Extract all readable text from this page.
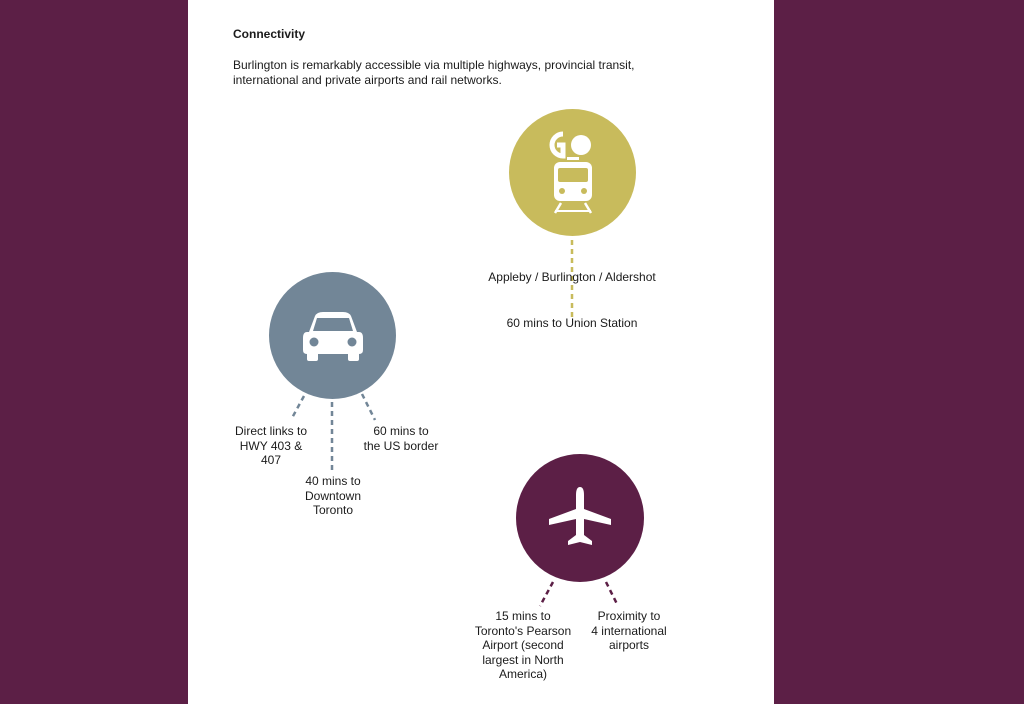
Connectivity
Burlington is remarkably accessible via multiple highways, provincial transit, international and private airports and rail networks.
Appleby / Burlington / Aldershot
60 mins to Union Station
Direct links to
HWY 403 &
407
40 mins to
Downtown
Toronto
60 mins to
the US border
15 mins to
Toronto's Pearson
Airport (second
largest in North
America)
Proximity to
4 international
airports
